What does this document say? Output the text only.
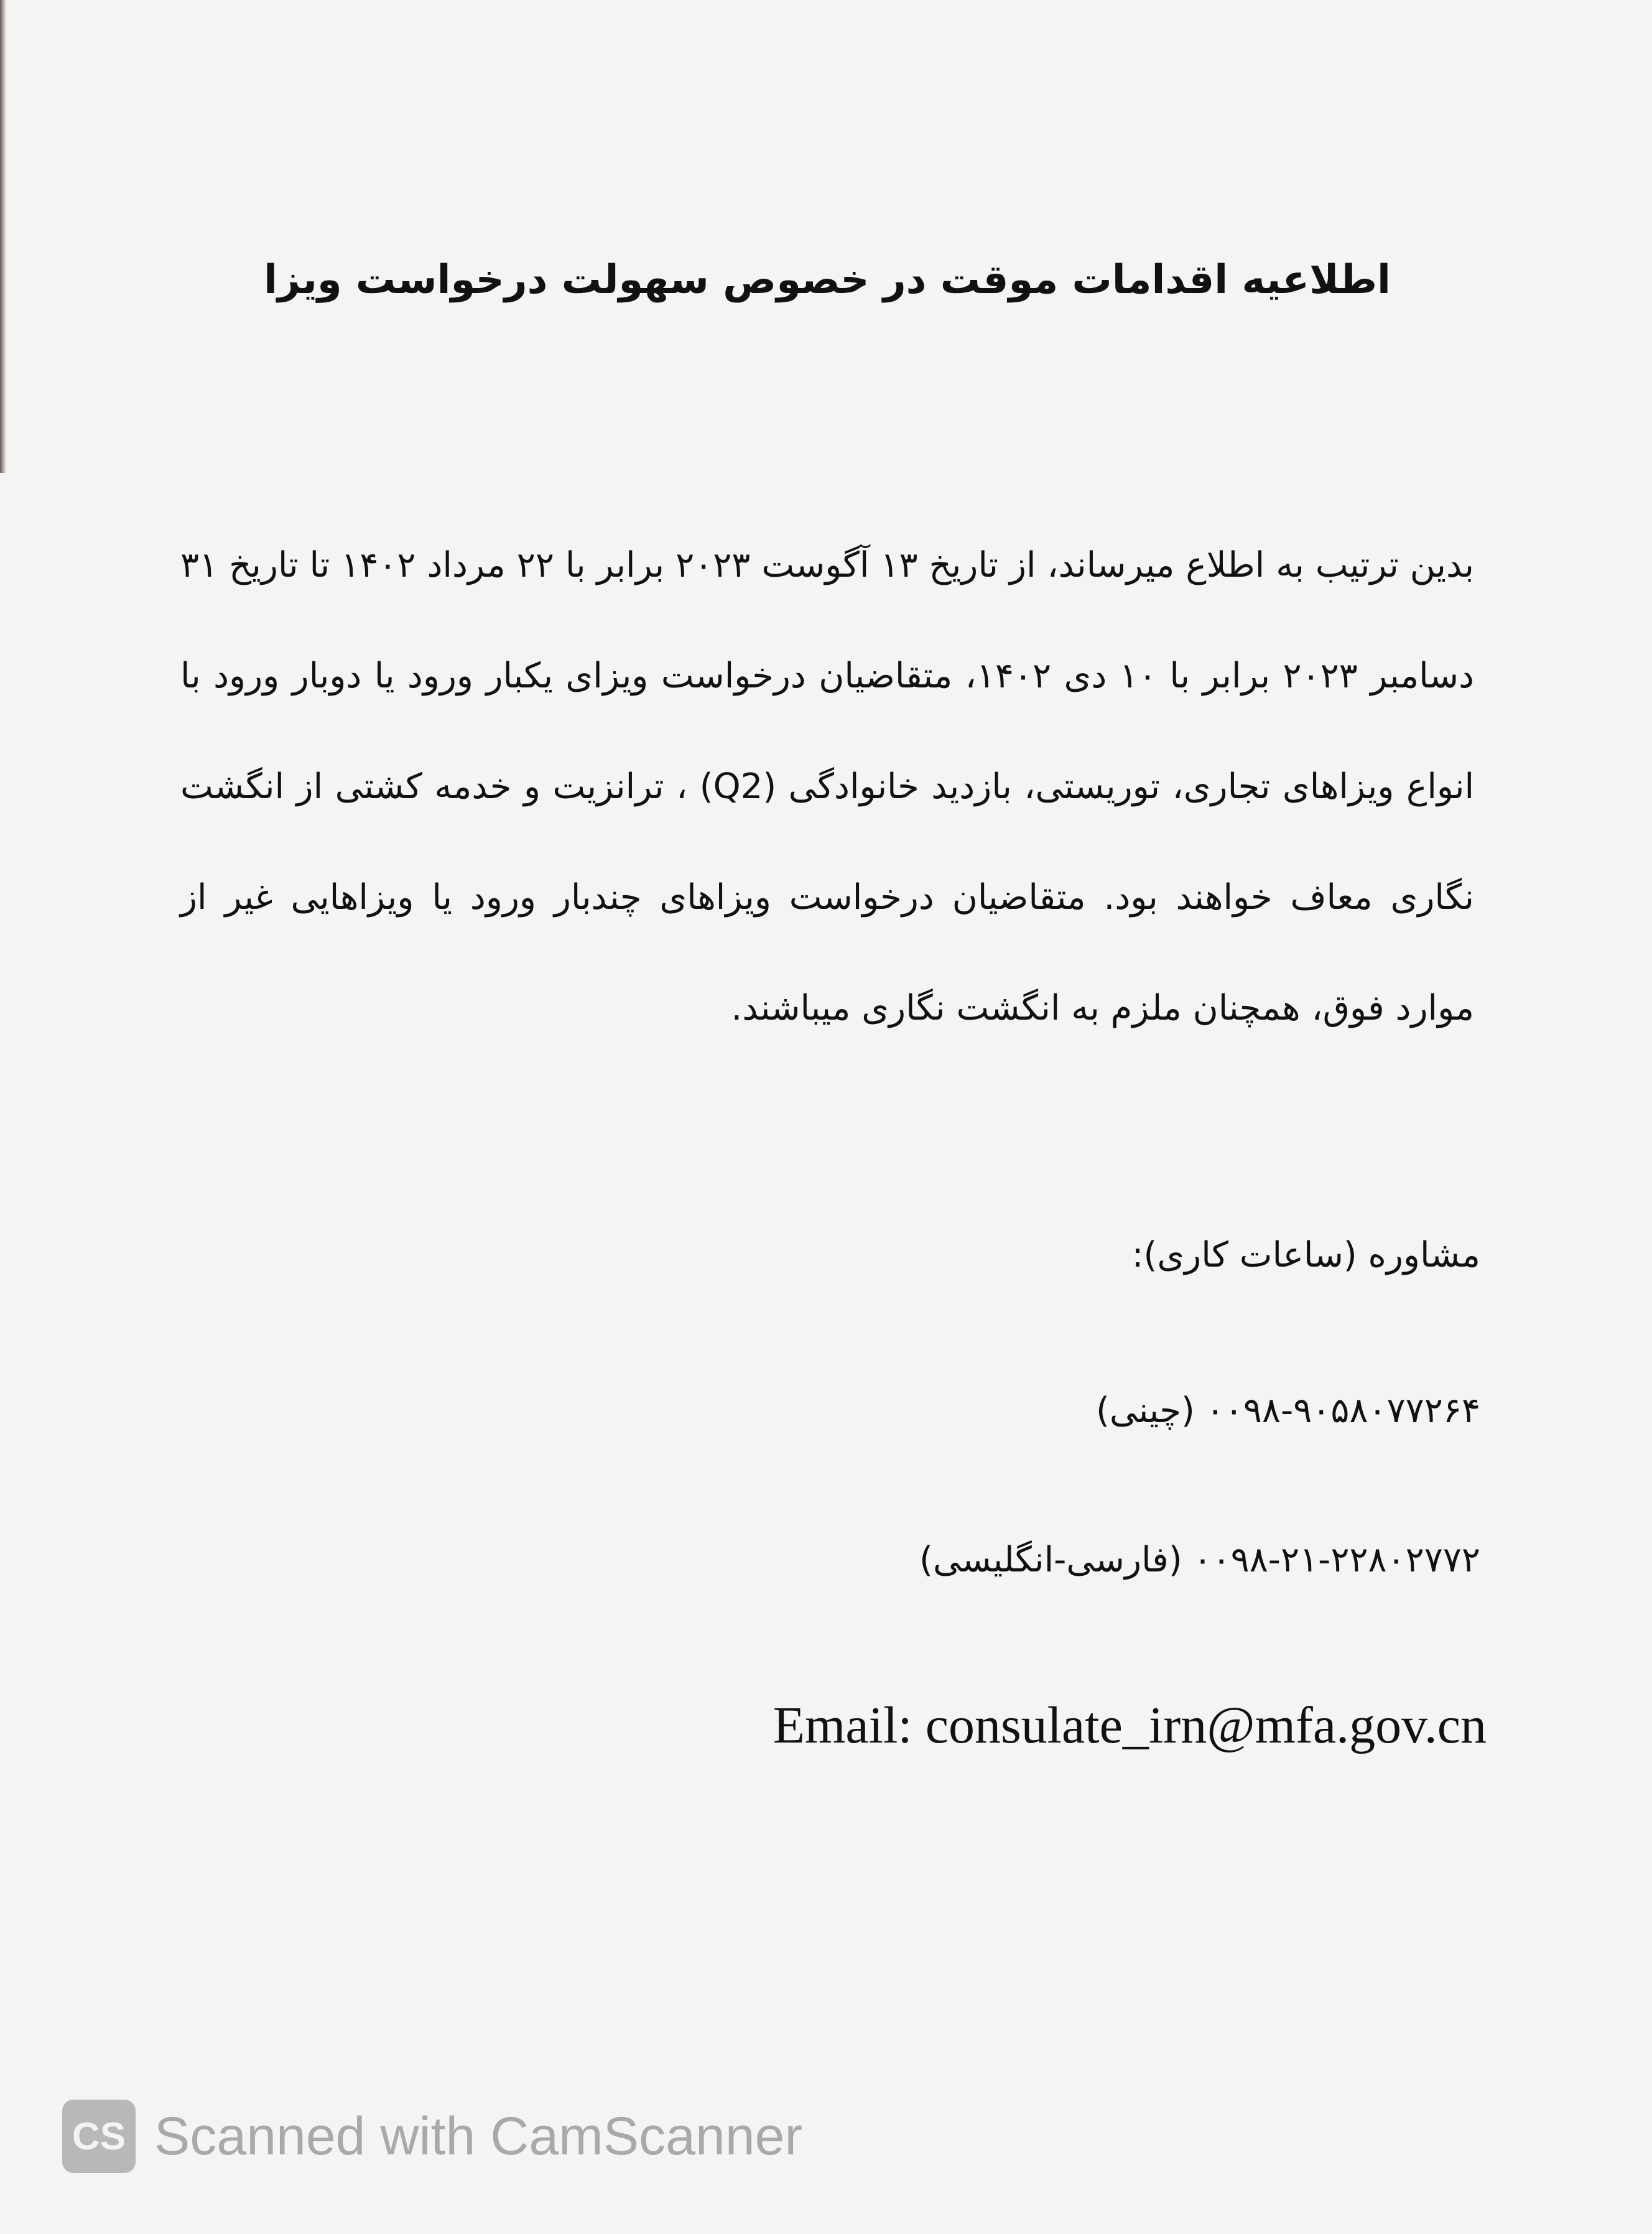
اطلاعیه اقدامات موقت در خصوص سهولت درخواست ویزا

بدین ترتیب به اطلاع میرساند، از تاریخ ۱۳ آگوست ۲۰۲۳ برابر با ۲۲ مرداد ۱۴۰۲ تا تاریخ ۳۱ دسامبر ۲۰۲۳ برابر با ۱۰ دی ۱۴۰۲، متقاضیان درخواست ویزای یکبار ورود یا دوبار ورود با انواع ویزاهای تجاری، توریستی، بازدید خانوادگی (Q2) ، ترانزیت و خدمه کشتی از انگشت نگاری معاف خواهند بود. متقاضیان درخواست ویزاهای چندبار ورود یا ویزاهایی غیر از موارد فوق، همچنان ملزم به انگشت نگاری میباشند.

مشاوره (ساعات کاری):
۰۰۹۸-۹۰۵۸۰۷۷۲۶۴ (چینی)
۰۰۹۸-۲۱-۲۲۸۰۲۷۷۲ (فارسی-انگلیسی)
Email: consulate_irn@mfa.gov.cn
CS Scanned with CamScanner
